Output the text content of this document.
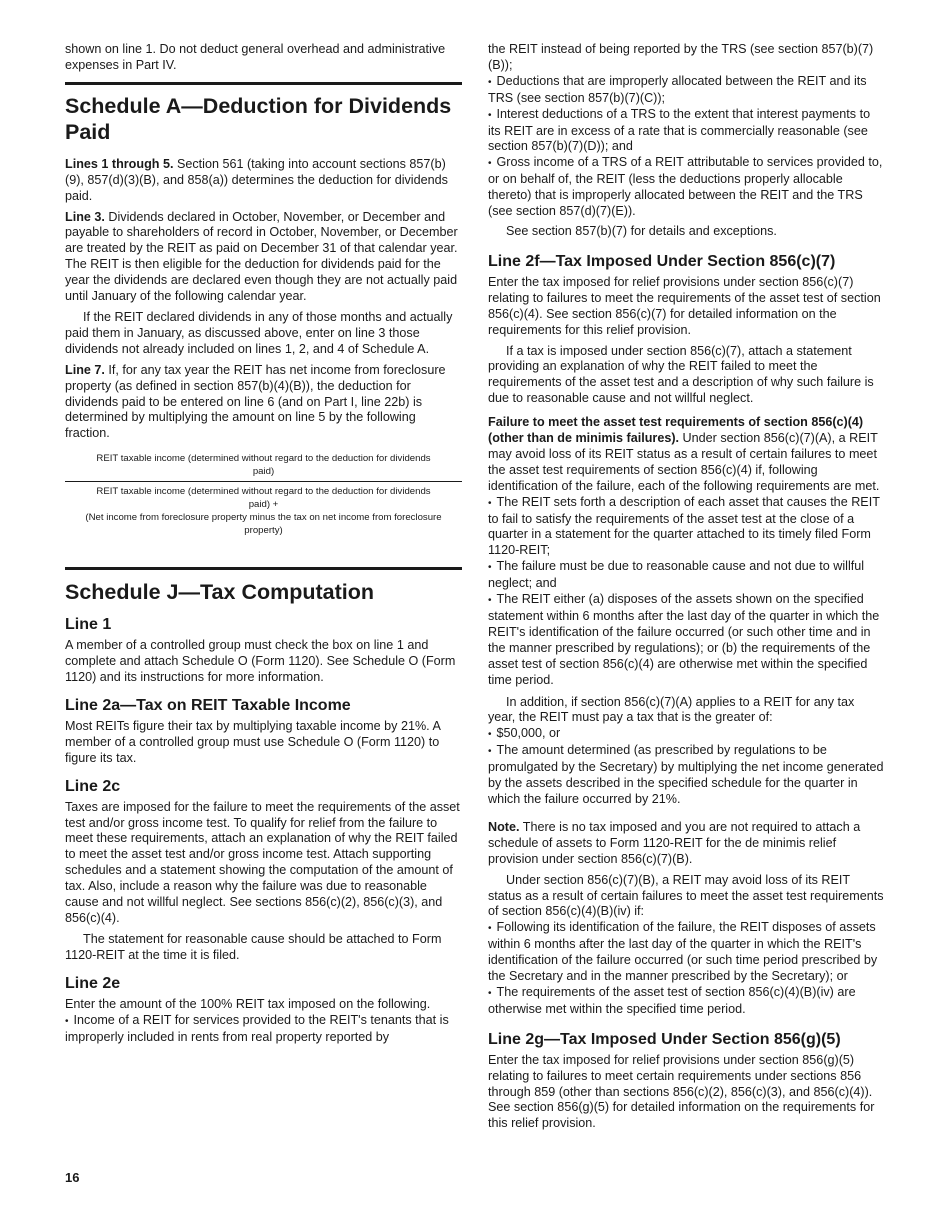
shown on line 1. Do not deduct general overhead and administrative expenses in Part IV.

Schedule A—Deduction for Dividends Paid

Lines 1 through 5. Section 561 (taking into account sections 857(b)(9), 857(d)(3)(B), and 858(a)) determines the deduction for dividends paid.

Line 3. Dividends declared in October, November, or December and payable to shareholders of record in October, November, or December are treated by the REIT as paid on December 31 of that calendar year. The REIT is then eligible for the deduction for dividends paid for the year the dividends are declared even though they are not actually paid until January of the following calendar year.

If the REIT declared dividends in any of those months and actually paid them in January, as discussed above, enter on line 3 those dividends not already included on lines 1, 2, and 4 of Schedule A.

Line 7. If, for any tax year the REIT has net income from foreclosure property (as defined in section 857(b)(4)(B)), the deduction for dividends paid to be entered on line 6 (and on Part I, line 22b) is determined by multiplying the amount on line 5 by the following fraction.

REIT taxable income (determined without regard to the deduction for dividends paid)
REIT taxable income (determined without regard to the deduction for dividends paid) +
(Net income from foreclosure property minus the tax on net income from foreclosure property)
Schedule J—Tax Computation
Line 1

A member of a controlled group must check the box on line 1 and complete and attach Schedule O (Form 1120). See Schedule O (Form 1120) and its instructions for more information.

Line 2a—Tax on REIT Taxable Income

Most REITs figure their tax by multiplying taxable income by 21%. A member of a controlled group must use Schedule O (Form 1120) to figure its tax.

Line 2c

Taxes are imposed for the failure to meet the requirements of the asset test and/or gross income test. To qualify for relief from the failure to meet these requirements, attach an explanation of why the REIT failed to meet the asset test and/or gross income test. Attach supporting schedules and a statement showing the computation of the amount of tax. Also, include a reason why the failure was due to reasonable cause and not willful neglect. See sections 856(c)(2), 856(c)(3), and 856(c)(4).

The statement for reasonable cause should be attached to Form 1120-REIT at the time it is filed.

Line 2e

Enter the amount of the 100% REIT tax imposed on the following.

• Income of a REIT for services provided to the REIT's tenants that is improperly included in rents from real property reported by

the REIT instead of being reported by the TRS (see section 857(b)(7)(B));

• Deductions that are improperly allocated between the REIT and its TRS (see section 857(b)(7)(C));

• Interest deductions of a TRS to the extent that interest payments to its REIT are in excess of a rate that is commercially reasonable (see section 857(b)(7)(D)); and

• Gross income of a TRS of a REIT attributable to services provided to, or on behalf of, the REIT (less the deductions properly allocable thereto) that is improperly allocated between the REIT and the TRS (see section 857(d)(7)(E)).

See section 857(b)(7) for details and exceptions.

Line 2f—Tax Imposed Under Section 856(c)(7)

Enter the tax imposed for relief provisions under section 856(c)(7) relating to failures to meet the requirements of the asset test of section 856(c)(4). See section 856(c)(7) for detailed information on the requirements for this relief provision.

If a tax is imposed under section 856(c)(7), attach a statement providing an explanation of why the REIT failed to meet the requirements of the asset test and a description of why such failure is due to reasonable cause and not willful neglect.

Failure to meet the asset test requirements of section 856(c)(4) (other than de minimis failures). Under section 856(c)(7)(A), a REIT may avoid loss of its REIT status as a result of certain failures to meet the asset test requirements of section 856(c)(4) if, following identification of the failure, each of the following requirements are met.

• The REIT sets forth a description of each asset that causes the REIT to fail to satisfy the requirements of the asset test at the close of a quarter in a statement for the quarter attached to its timely filed Form 1120-REIT;

• The failure must be due to reasonable cause and not due to willful neglect; and

• The REIT either (a) disposes of the assets shown on the specified statement within 6 months after the last day of the quarter in which the REIT's identification of the failure occurred (or such other time and in the manner prescribed by regulations); or (b) the requirements of the asset test of section 856(c)(4) are otherwise met within the specified time period.

In addition, if section 856(c)(7)(A) applies to a REIT for any tax year, the REIT must pay a tax that is the greater of:

• $50,000, or

• The amount determined (as prescribed by regulations to be promulgated by the Secretary) by multiplying the net income generated by the assets described in the specified schedule for the quarter in which the failure occurred by 21%.

Note. There is no tax imposed and you are not required to attach a schedule of assets to Form 1120-REIT for the de minimis relief provision under section 856(c)(7)(B).

Under section 856(c)(7)(B), a REIT may avoid loss of its REIT status as a result of certain failures to meet the asset test requirements of section 856(c)(4)(B)(iv) if:

• Following its identification of the failure, the REIT disposes of assets within 6 months after the last day of the quarter in which the REIT's identification of the failure occurred (or such time period prescribed by the Secretary and in the manner prescribed by the Secretary); or

• The requirements of the asset test of section 856(c)(4)(B)(iv) are otherwise met within the specified time period.

Line 2g—Tax Imposed Under Section 856(g)(5)

Enter the tax imposed for relief provisions under section 856(g)(5) relating to failures to meet certain requirements under sections 856 through 859 (other than sections 856(c)(2), 856(c)(3), and 856(c)(4)). See section 856(g)(5) for detailed information on the requirements for this relief provision.

16
